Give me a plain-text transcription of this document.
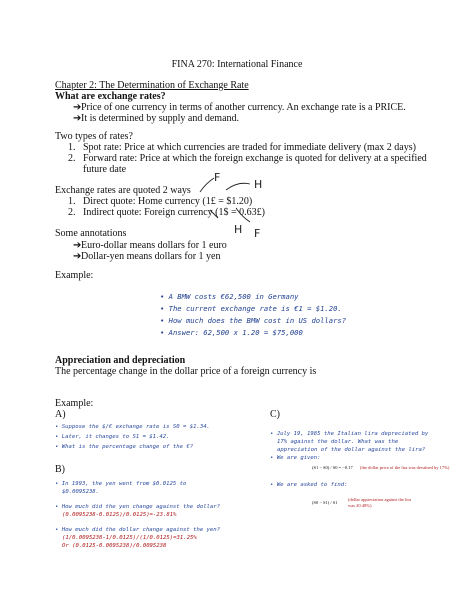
FINA 270: International Finance
Chapter 2: The Determination of Exchange Rate
What are exchange rates?
➔Price of one currency in terms of another currency. An exchange rate is a PRICE.
➔It is determined by supply and demand.
Two types of rates?
1. Spot rate: Price at which currencies are traded for immediate delivery (max 2 days)
2. Forward rate: Price at which the foreign exchange is quoted for delivery at a specified
future date
Exchange rates are quoted 2 ways
1. Direct quote: Home currency (1£ = $1.20)
2. Indirect quote: Foreign currency (1$ = 0.63£)
F
H
H F
Some annotations
➔Euro-dollar means dollars for 1 euro
➔Dollar-yen means dollars for 1 yen
Example:
• A BMW costs €62,500 in Germany
• The current exchange rate is €1 = $1.20.
• How much does the BMW cost in US dollars?
• Answer: 62,500 x 1.20 = $75,000
Appreciation and depreciation
The percentage change in the dollar price of a foreign currency is
Example:
A)
• Suppose the $/€ exchange rate is S0 = $1.34.
• Later, it changes to S1 = $1.42.
• What is the percentage change of the €?
B)
• In 1993, the yen went from $0.0125 to
$0.0095238.
• How much did the yen change against the dollar?
(0.0095238-0.0125)/0.0125)=-23.81%
• How much did the dollar change against the yen?
(1/0.0095238-1/0.0125)/(1/0.0125)=31.25%
Or (0.0125-0.0095238)/0.0095238
C)
• July 19, 1985 the Italian lira depreciated by
17% against the dollar. What was the
appreciation of the dollar against the lira?
• We are given:
(S1 − S0) / S0 = −0.17 (the dollar price of the lira was devalued by 17%)
• We are asked to find:
(S0 − S1) / S1
(dollar appreciation against the lira was 20.48%)
